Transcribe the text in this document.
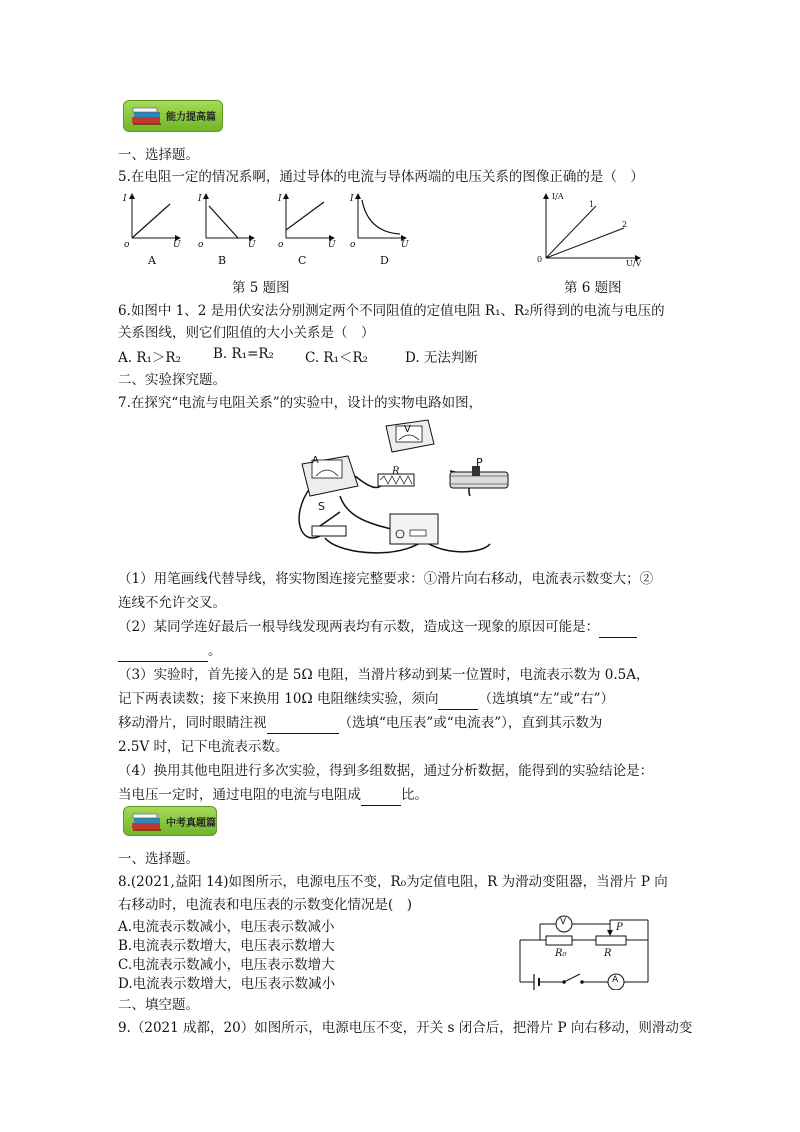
能力提高篇
一、选择题。
5.在电阻一定的情况系啊，通过导体的电流与导体两端的电压关系的图像正确的是（　）
I
o	U
A
I
o	U
B
I
o	U
C
I
o	U
D
I/A
0	U/V
1
2
第 5 题图	第 6 题图
6.如图中 1、2 是用伏安法分别测定两个不同阻值的定值电阻 R₁、R₂所得到的电流与电压的
关系图线，则它们阻值的大小关系是（　）
A. R₁＞R₂ B. R₁=R₂ C. R₁＜R₂	D. 无法判断
二、实验探究题。
7.在探究“电流与电阻关系”的实验中，设计的实物电路如图，
A
V
R
P
S
（1）用笔画线代替导线，将实物图连接完整要求：①滑片向右移动，电流表示数变大；②
连线不允许交叉。
（2）某同学连好最后一根导线发现两表均有示数，造成这一现象的原因可能是：
。
（3）实验时，首先接入的是 5Ω 电阻，当滑片移动到某一位置时，电流表示数为 0.5A，
记下两表读数；接下来换用 10Ω 电阻继续实验，须向	（选填填“左”或“右”）
移动滑片，同时眼睛注视	（选填“电压表”或“电流表”），直到其示数为
2.5V 时，记下电流表示数。
（4）换用其他电阻进行多次实验，得到多组数据，通过分析数据，能得到的实验结论是：
当电压一定时，通过电阻的电流与电阻成	比。
中考真题篇
一、选择题。
8.(2021,益阳 14)如图所示，电源电压不变，R₀为定值电阻，R 为滑动变阻器，当滑片 P 向
右移动时，电流表和电压表的示数变化情况是(　)
A.电流表示数减小，电压表示数减小
B.电流表示数增大，电压表示数增大
C.电流表示数减小，电压表示数增大
D.电流表示数增大，电压表示数减小
V
A
R₀	R
P
二、填空题。
9.（2021 成都，20）如图所示，电源电压不变，开关 s 闭合后，把滑片 P 向右移动，则滑动变
